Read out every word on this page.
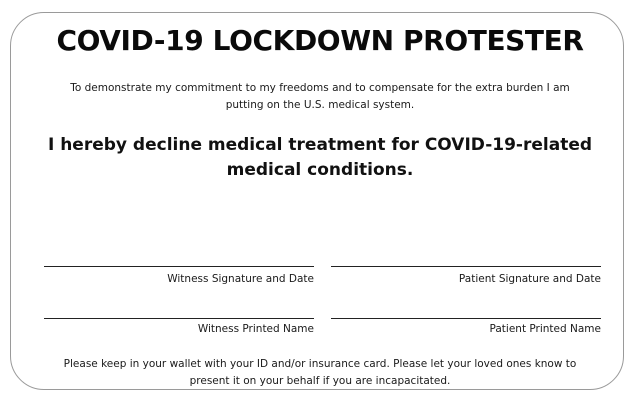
COVID-19 LOCKDOWN PROTESTER
To demonstrate my commitment to my freedoms and to compensate for the extra burden I am
putting on the U.S. medical system.
I hereby decline medical treatment for COVID-19-related
medical conditions.
Witness Signature and Date	Patient Signature and Date
Witness Printed Name	Patient Printed Name
Please keep in your wallet with your ID and/or insurance card. Please let your loved ones know to
present it on your behalf if you are incapacitated.
